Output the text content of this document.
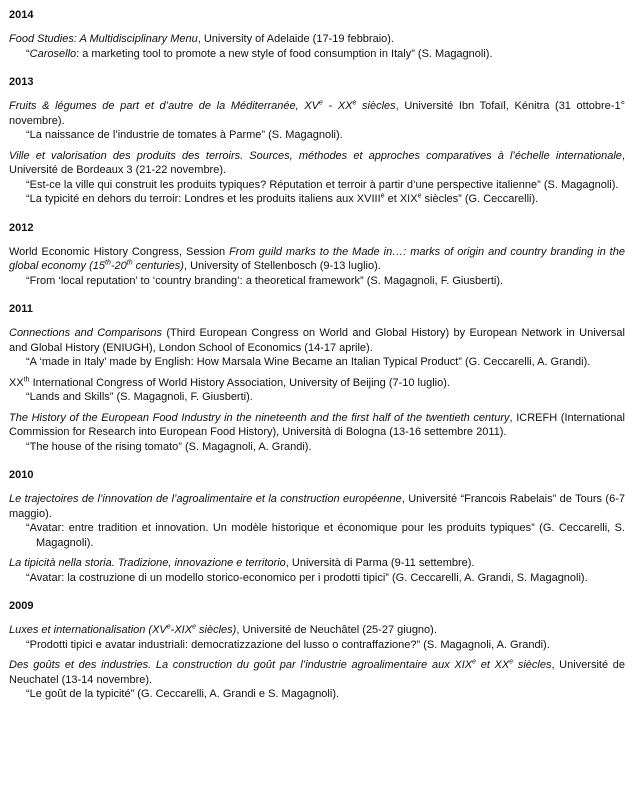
2014

Food Studies: A Multidisciplinary Menu, University of Adelaide (17-19 febbraio).

“Carosello: a marketing tool to promote a new style of food consumption in Italy” (S. Magagnoli).

2013

Fruits & légumes de part et d’autre de la Méditerranée, XVe - XXe siècles, Université Ibn Tofaïl, Kénitra (31 ottobre-1° novembre).

“La naissance de l’industrie de tomates à Parme” (S. Magagnoli).

Ville et valorisation des produits des terroirs. Sources, méthodes et approches comparatives à l’échelle internationale, Université de Bordeaux 3 (21-22 novembre).

“Est-ce la ville qui construit les produits typiques? Réputation et terroir à partir d’une perspective italienne” (S. Magagnoli).

“La typicité en dehors du terroir: Londres et les produits italiens aux XVIIIe et XIXe siècles” (G. Ceccarelli).

2012

World Economic History Congress, Session From guild marks to the Made in…: marks of origin and country branding in the global economy (15th-20th centuries), University of Stellenbosch (9-13 luglio).

“From ‘local reputation’ to ‘country branding’: a theoretical framework” (S. Magagnoli, F. Giusberti).

2011

Connections and Comparisons (Third European Congress on World and Global History) by European Network in Universal and Global History (ENIUGH), London School of Economics (14-17 aprile).

“A ‘made in Italy’ made by English: How Marsala Wine Became an Italian Typical Product” (G. Ceccarelli, A. Grandi).

XXth International Congress of World History Association, University of Beijing (7-10 luglio).

“Lands and Skills” (S. Magagnoli, F. Giusberti).

The History of the European Food Industry in the nineteenth and the first half of the twentieth century, ICREFH (International Commission for Research into European Food History), Università di Bologna (13-16 settembre 2011).

“The house of the rising tomato” (S. Magagnoli, A. Grandi).

2010

Le trajectoires de l’innovation de l’agroalimentaire et la construction européenne, Université “Francois Rabelais” de Tours (6-7 maggio).

“Avatar: entre tradition et innovation. Un modèle historique et économique pour les produits typiques” (G. Ceccarelli, S. Magagnoli).

La tipicità nella storia. Tradizione, innovazione e territorio, Università di Parma (9-11 settembre).

“Avatar: la costruzione di un modello storico-economico per i prodotti tipici” (G. Ceccarelli, A. Grandi, S. Magagnoli).

2009

Luxes et internationalisation (XVe-XIXe siècles), Université de Neuchâtel (25-27 giugno).

“Prodotti tipici e avatar industriali: democratizzazione del lusso o contraffazione?” (S. Magagnoli, A. Grandi).

Des goûts et des industries. La construction du goût par l’industrie agroalimentaire aux XIXe et XXe siècles, Université de Neuchatel (13-14 novembre).

“Le goût de la typicité” (G. Ceccarelli, A. Grandi e S. Magagnoli).
